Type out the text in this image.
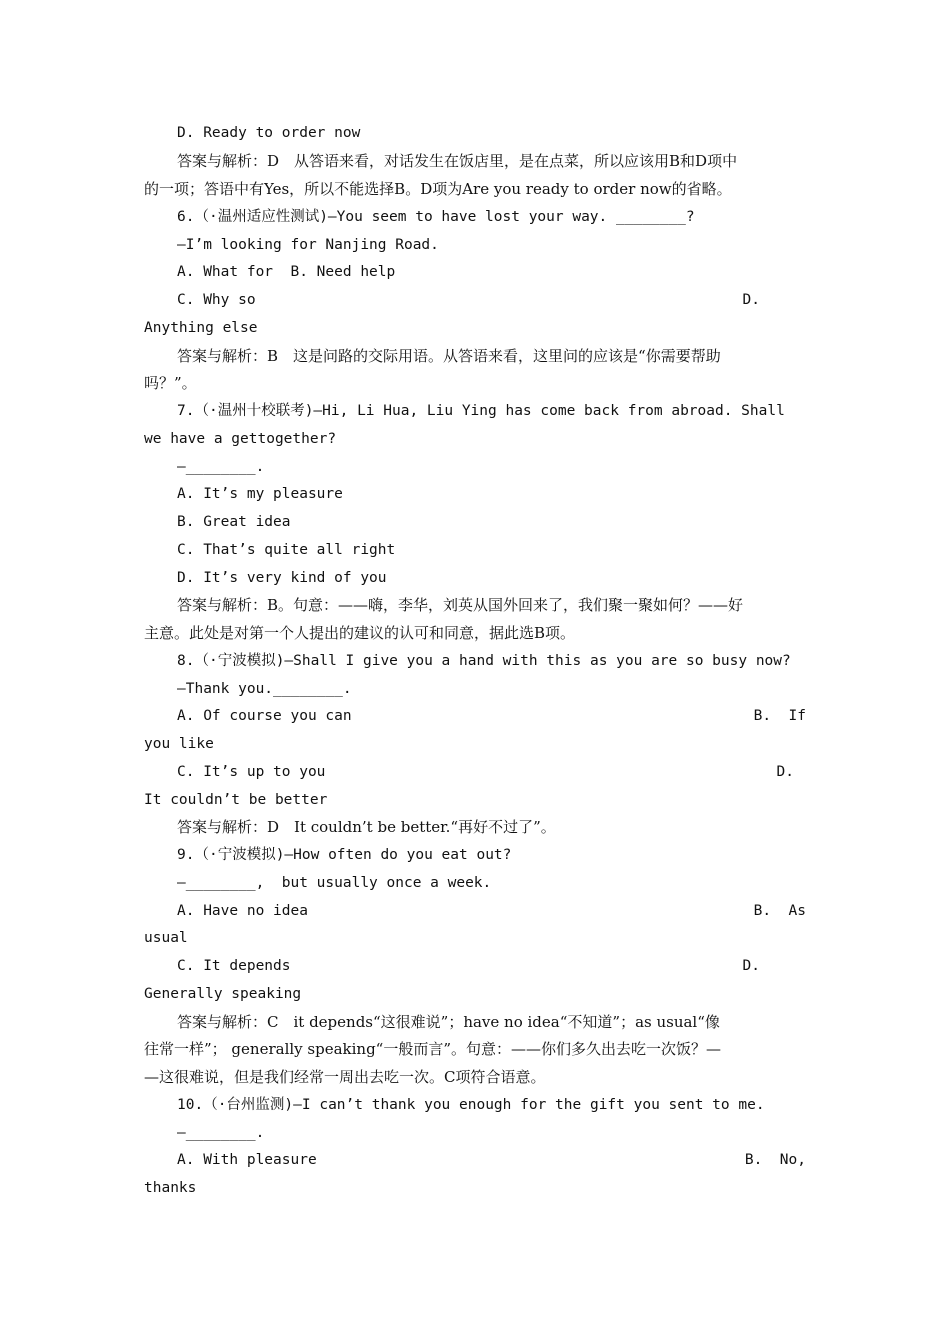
D. Ready to order now
答案与解析：D　从答语来看，对话发生在饭店里，是在点菜，所以应该用B和D项中
的一项；答语中有Yes，所以不能选择B。D项为Are you ready to order now的省略。
6.（·温州适应性测试)—You seem to have lost your way. ________?
—I’m looking for Nanjing Road.
A. What for  B. Need help
C. Why so	D.
Anything else
答案与解析：B　这是问路的交际用语。从答语来看，这里问的应该是“你需要帮助
吗？”。
7.（·温州十校联考)—Hi, Li Hua, Liu Ying has come back from abroad. Shall
we have a gettogether?
—________.
A. It’s my pleasure
B. Great idea
C. That’s quite all right
D. It’s very kind of you
答案与解析：B。句意：——嗨，李华，刘英从国外回来了，我们聚一聚如何？——好
主意。此处是对第一个人提出的建议的认可和同意，据此选B项。
8.（·宁波模拟)—Shall I give you a hand with this as you are so busy now?
—Thank you.________.
A. Of course you can	B.  If
you like
C. It’s up to you	D.
It couldn’t be better
答案与解析：D　It couldn’t be better.“再好不过了”。
9.（·宁波模拟)—How often do you eat out?
—________,  but usually once a week.
A. Have no idea	B.  As
usual
C. It depends	D.
Generally speaking
答案与解析：C　it depends“这很难说”；have no idea“不知道”；as usual“像
往常一样”； generally speaking“一般而言”。句意：——你们多久出去吃一次饭？—
—这很难说，但是我们经常一周出去吃一次。C项符合语意。
10.（·台州监测)—I can’t thank you enough for the gift you sent to me.
—________.
A. With pleasure	B.  No,
thanks
